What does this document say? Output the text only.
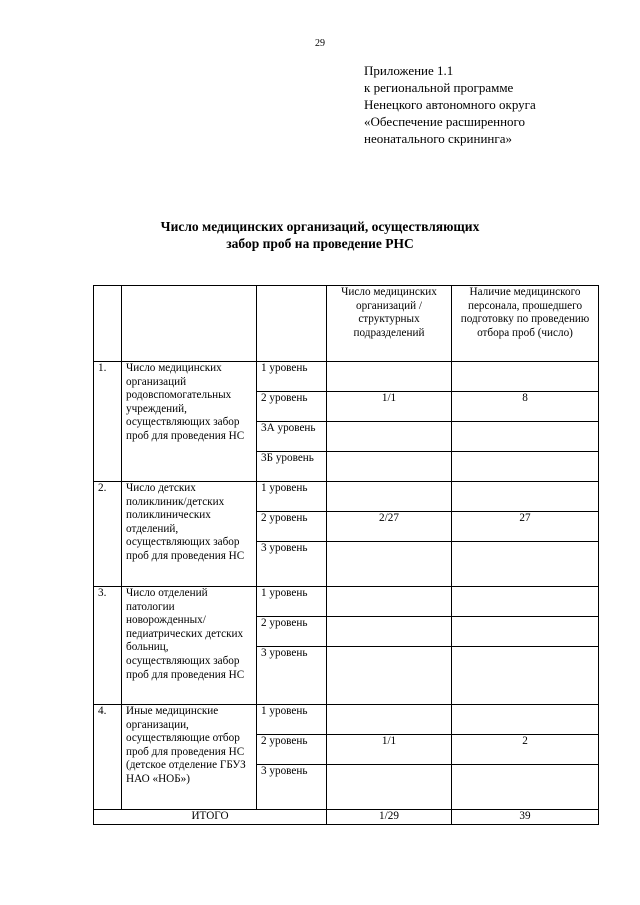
29
Приложение 1.1
к региональной программе
Ненецкого автономного округа
«Обеспечение расширенного
неонатального скрининга»
Число медицинских организаций, осуществляющих
забор проб на проведение РНС
			Число медицинских организаций /структурных подразделений	Наличие медицинского персонала, прошедшего подготовку по проведению отбора проб (число)
1.	Число медицинских организаций родовспомогательных учреждений, осуществляющих забор проб для проведения НС	1 уровень		
		2 уровень	1/1	8
		3А уровень		
		3Б уровень		
2.	Число детских поликлиник/детских поликлинических отделений, осуществляющих забор проб для проведения НС	1 уровень		
		2 уровень	2/27	27
		3 уровень		
3.	Число отделений патологии новорожденных/педиатрических детских больниц, осуществляющих забор проб для проведения НС	1 уровень		
		2 уровень		
		3 уровень		
4.	Иные медицинские организации, осуществляющие отбор проб для проведения НС (детское отделение ГБУЗ НАО «НОБ»)	1 уровень		
		2 уровень	1/1	2
		3 уровень		
ИТОГО			1/29	39
